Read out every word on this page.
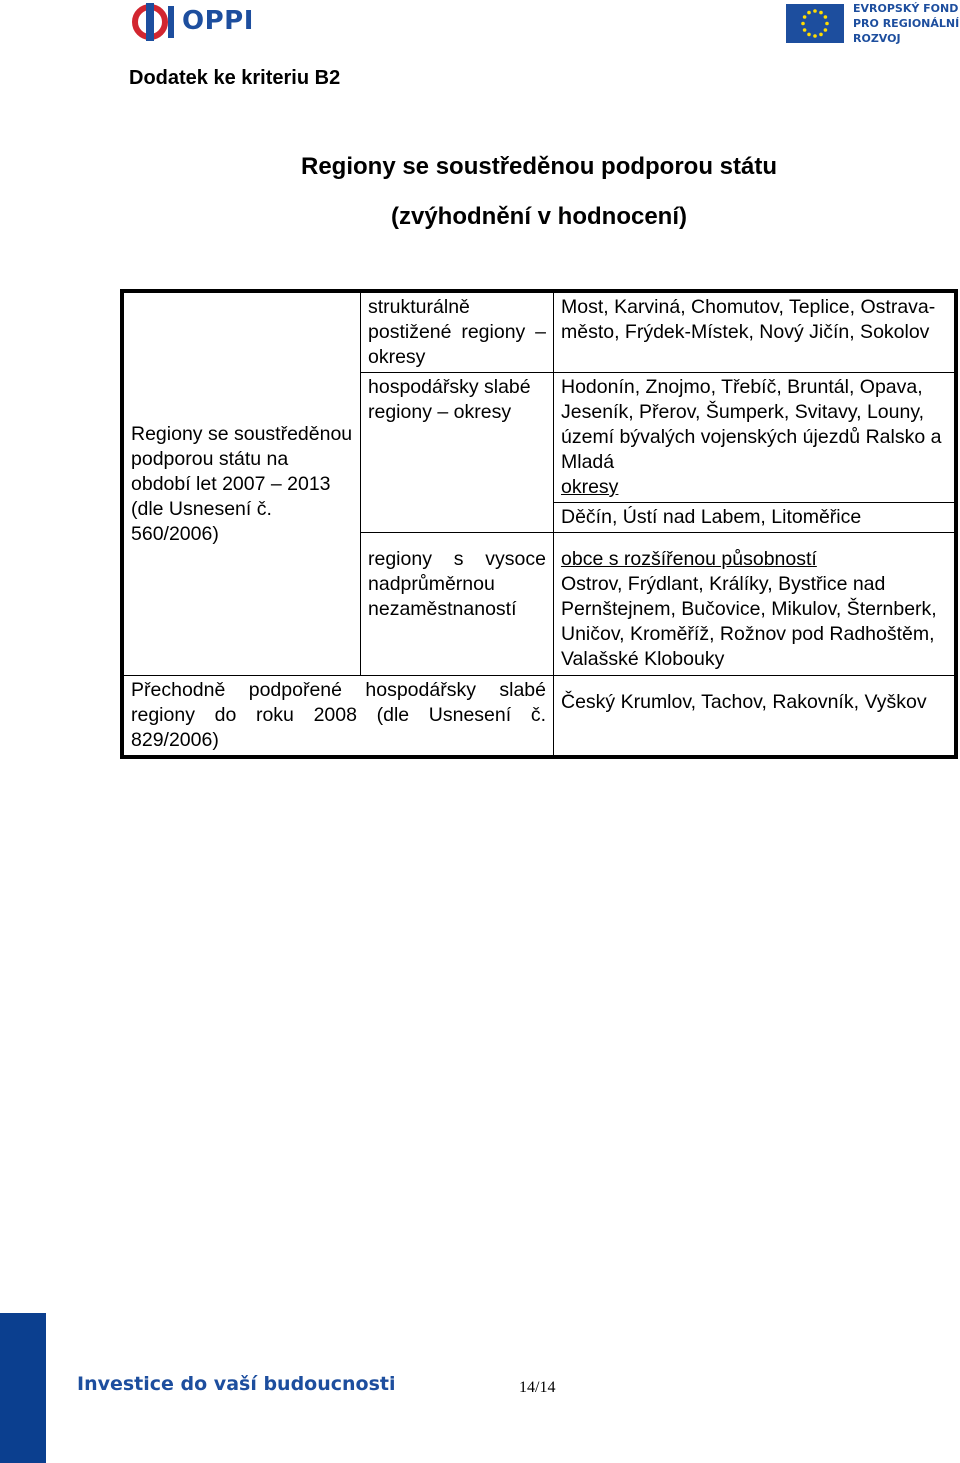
OPPI	EVROPSKÝ FOND
PRO REGIONÁLNÍ
ROZVOJ
Dodatek ke kriteriu B2
Regiony se soustředěnou podporou státu
(zvýhodnění v hodnocení)
Regiony se soustředěnou podporou státu na období let 2007 – 2013 (dle Usnesení č. 560/2006)	strukturálně postižené regiony – okresy	Most, Karviná, Chomutov, Teplice, Ostrava-město, Frýdek-Místek, Nový Jičín, Sokolov
	hospodářsky slabé regiony – okresy	Hodonín, Znojmo, Třebíč, Bruntál, Opava, Jeseník, Přerov, Šumperk, Svitavy, Louny, území bývalých vojenských újezdů Ralsko a Mladá
okresy

		Děčín, Ústí nad Labem, Litoměřice
	regiony s vysoce nadprůměrnou nezaměstnaností	obce s rozšířenou působností
Ostrov, Frýdlant, Králíky, Bystřice nad Pernštejnem, Bučovice, Mikulov, Šternberk, Uničov, Kroměříž, Rožnov pod Radhoštěm, Valašské Klobouky
Přechodně podpořené hospodářsky slabé regiony do roku 2008 (dle Usnesení č. 829/2006)		Český Krumlov, Tachov, Rakovník, Vyškov
Investice do vaší budoucnosti	14/14
